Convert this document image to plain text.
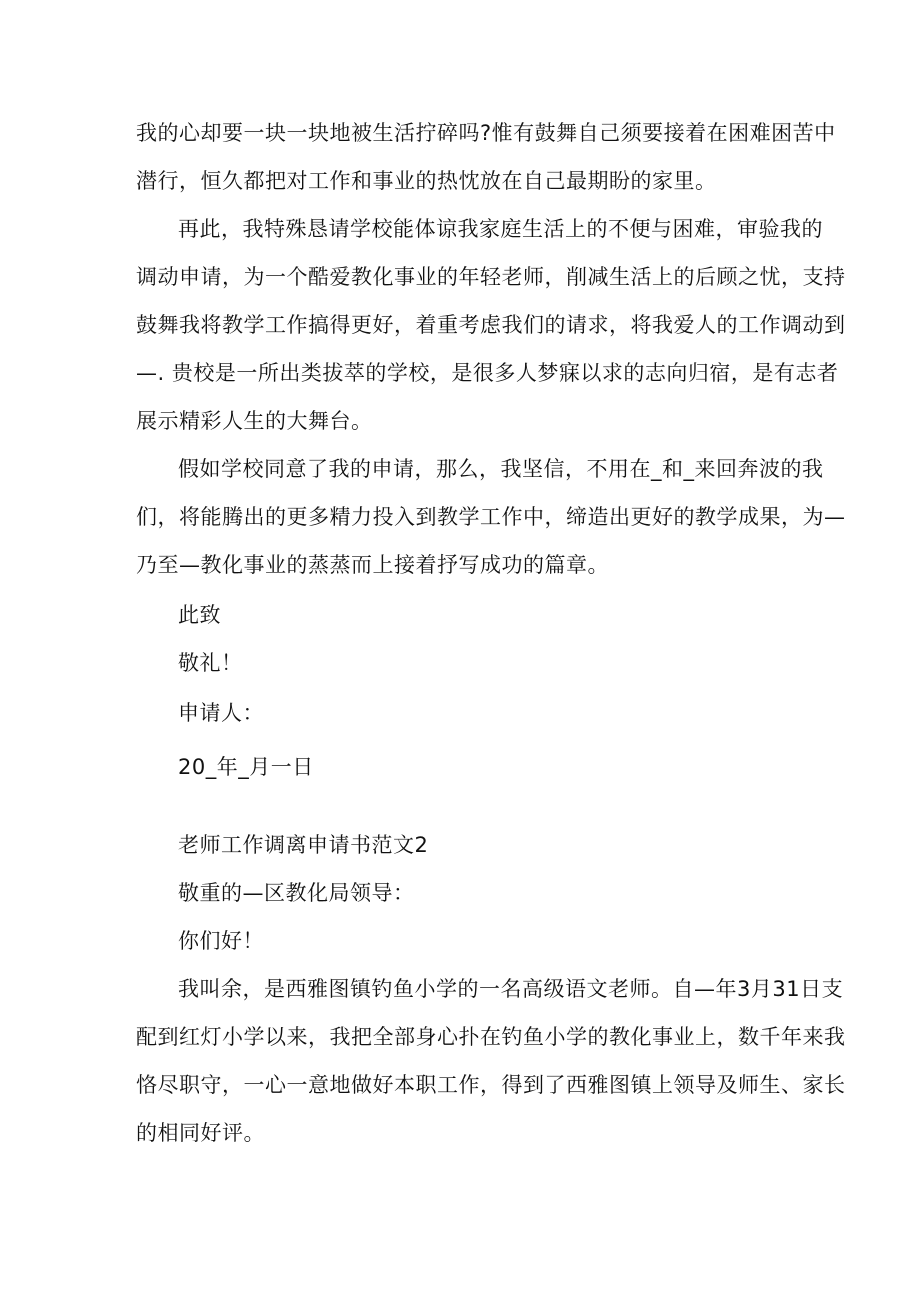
我的心却要一块一块地被生活拧碎吗?惟有鼓舞自己须要接着在困难困苦中
潜行，恒久都把对工作和事业的热忱放在自己最期盼的家里。
再此，我特殊恳请学校能体谅我家庭生活上的不便与困难，审验我的
调动申请，为一个酷爱教化事业的年轻老师，削减生活上的后顾之忧，支持
鼓舞我将教学工作搞得更好，着重考虑我们的请求，将我爱人的工作调动到
—. 贵校是一所出类拔萃的学校，是很多人梦寐以求的志向归宿，是有志者
展示精彩人生的大舞台。
假如学校同意了我的申请，那么，我坚信，不用在_和_来回奔波的我
们，将能腾出的更多精力投入到教学工作中，缔造出更好的教学成果，为—
乃至—教化事业的蒸蒸而上接着抒写成功的篇章。
此致
敬礼！
申请人：
20_年_月一日
老师工作调离申请书范文2
敬重的—区教化局领导：
你们好！
我叫余，是西雅图镇钓鱼小学的一名高级语文老师。自—年3月31日支
配到红灯小学以来，我把全部身心扑在钓鱼小学的教化事业上，数千年来我
恪尽职守，一心一意地做好本职工作，得到了西雅图镇上领导及师生、家长
的相同好评。
